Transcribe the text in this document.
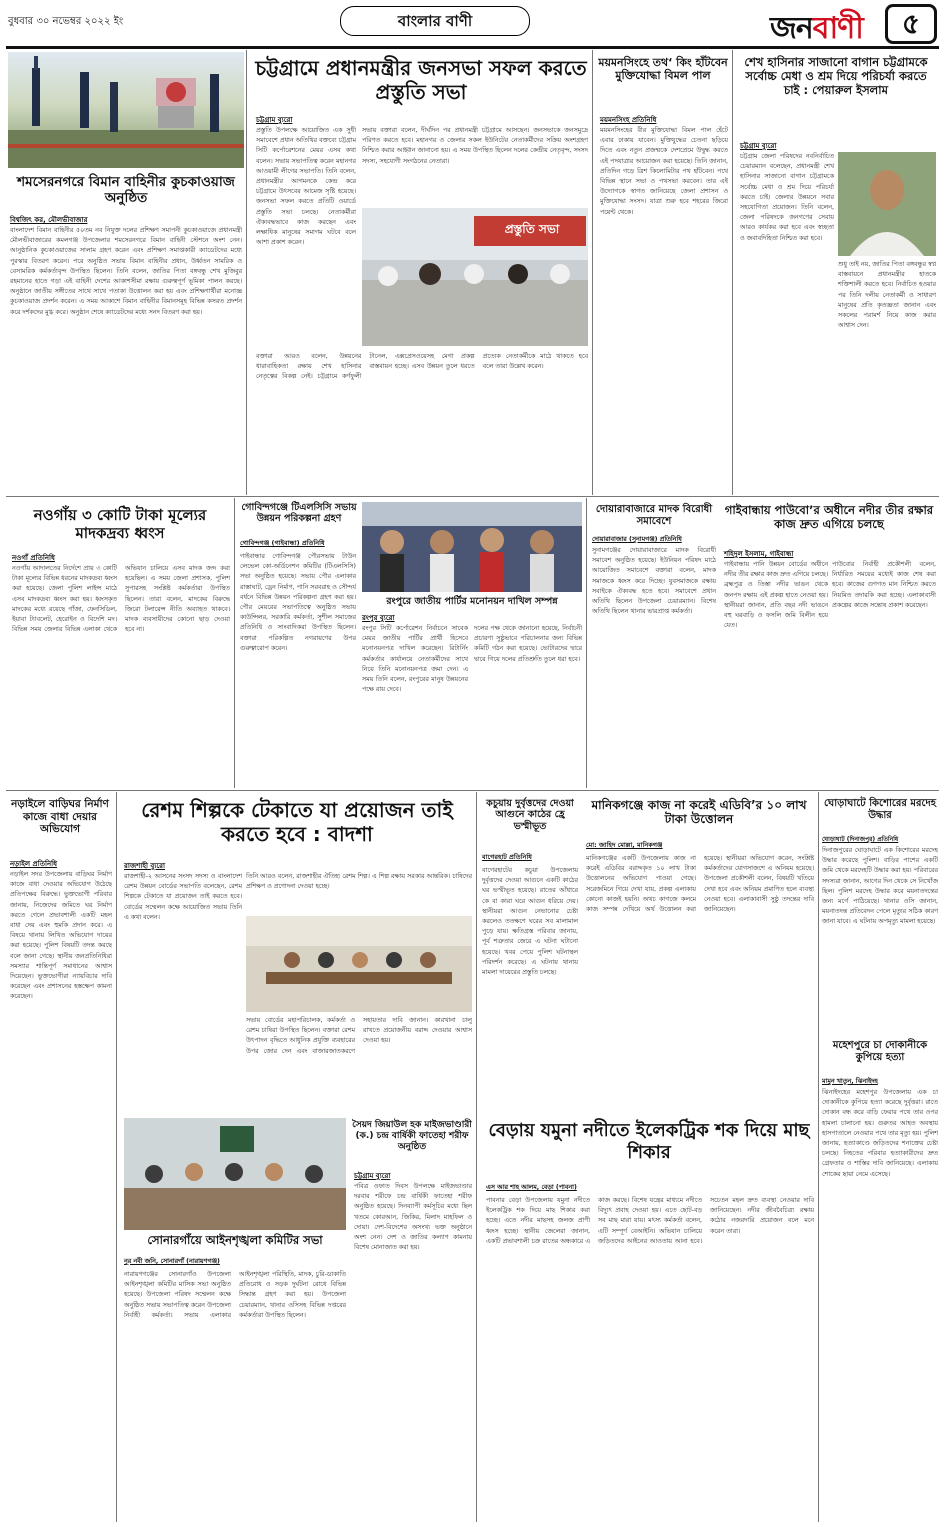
বুধবার ৩০ নভেম্বর ২০২২ ইং	বাংলার বাণী	জনবাণী	৫
শমসেরনগরে বিমান বাহিনীর কুচকাওয়াজ অনুষ্ঠিত
বিশ্বজিৎ কর, মৌলভীবাজার
বাংলাদেশ বিমান বাহিনীর ৫০তম নব নিযুক্ত দলের প্রশিক্ষণ সমাপনী কুচকাওয়াজে প্রধানমন্ত্রী মৌলভীবাজারের কমলগঞ্জ উপজেলার শমসেরনগরে বিমান বাহিনী স্টেশনে অংশ নেন। আনুষ্ঠানিক কুচকাওয়াজের সালাম গ্রহণ করেন এবং প্রশিক্ষণ সমাপ্তকারী ক্যাডেটদের মধ্যে পুরস্কার বিতরণ করেন। পরে অনুষ্ঠিত সভায় বিমান বাহিনীর প্রধান, উর্ধ্বতন সামরিক ও বেসামরিক কর্মকর্তাবৃন্দ উপস্থিত ছিলেন। তিনি বলেন, জাতির পিতা বঙ্গবন্ধু শেখ মুজিবুর রহমানের হাতে গড়া এই বাহিনী দেশের আকাশসীমা রক্ষায় গুরুত্বপূর্ণ ভূমিকা পালন করছে। অনুষ্ঠানে জাতীয় সঙ্গীতের সাথে সাথে পতাকা উত্তোলন করা হয় এবং প্রশিক্ষণার্থীরা মনোজ্ঞ কুচকাওয়াজ প্রদর্শন করেন। এ সময় আকাশে বিমান বাহিনীর বিমানসমূহ বিভিন্ন কসরত প্রদর্শন করে দর্শকদের মুগ্ধ করে। অনুষ্ঠান শেষে ক্যাডেটদের মধ্যে সনদ বিতরণ করা হয়।
চট্টগ্রামে প্রধানমন্ত্রীর জনসভা সফল করতে প্রস্তুতি সভা
চট্টগ্রাম ব্যুরো
প্রস্তুতি উপলক্ষে আয়োজিত এক সুধী সমাবেশে প্রধান অতিথির বক্তব্যে চট্টগ্রাম সিটি কর্পোরেশনের মেয়র এসব কথা বলেন। সভায় সভাপতিত্ব করেন মহানগর আওয়ামী লীগের সভাপতি। তিনি বলেন, প্রধানমন্ত্রীর আগমনকে কেন্দ্র করে চট্টগ্রামে উৎসবের আমেজ সৃষ্টি হয়েছে। জনসভা সফল করতে প্রতিটি ওয়ার্ডে প্রস্তুতি সভা চলছে। নেতাকর্মীরা ঐক্যবদ্ধভাবে কাজ করছেন এবং লক্ষাধিক মানুষের সমাগম ঘটবে বলে আশা প্রকাশ করেন।
সভায় বক্তারা বলেন, দীর্ঘদিন পর প্রধানমন্ত্রী চট্টগ্রামে আসছেন। জনসভাকে জনসমুদ্রে পরিণত করতে হবে। মহানগর ও জেলার সকল ইউনিটের নেতাকর্মীদের সক্রিয় অংশগ্রহণ নিশ্চিত করার আহ্বান জানানো হয়। এ সময় উপস্থিত ছিলেন দলের কেন্দ্রীয় নেতৃবৃন্দ, সংসদ সদস্য, সহযোগী সংগঠনের নেতারা।
প্রস্তুতি সভা
বক্তারা আরও বলেন, উন্নয়নের ধারাবাহিকতা রক্ষায় শেখ হাসিনার নেতৃত্বের বিকল্প নেই। চট্টগ্রামে কর্ণফুলী টানেল, এক্সপ্রেসওয়েসহ মেগা প্রকল্প বাস্তবায়ন হচ্ছে। এসব উন্নয়ন তুলে ধরতে প্রত্যেক নেতাকর্মীকে মাঠে থাকতে হবে বলে তারা উল্লেখ করেন।
ময়মনসিংহে তথ‘ কিং হাঁটবেন মুক্তিযোদ্ধা বিমল পাল
ময়মনসিংহ প্রতিনিধি
ময়মনসিংহের বীর মুক্তিযোদ্ধা বিমল পাল হেঁটে এবার ঢাকায় যাবেন। মুক্তিযুদ্ধের চেতনা ছড়িয়ে দিতে এবং নতুন প্রজন্মকে দেশপ্রেমে উদ্বুদ্ধ করতে এই পদযাত্রার আয়োজন করা হয়েছে। তিনি জানান, প্রতিদিন গড়ে ত্রিশ কিলোমিটার পথ হাঁটবেন। পথে বিভিন্ন স্থানে সভা ও পথসভা করবেন। তার এই উদ্যোগকে স্বাগত জানিয়েছে জেলা প্রশাসন ও মুক্তিযোদ্ধা সংসদ। যাত্রা শুরু হবে শহরের জিরো পয়েন্ট থেকে।
শেখ হাসিনার সাজানো বাগান চট্টগ্রামকে সর্বোচ্চ মেধা ও শ্রম দিয়ে পরিচর্যা করতে চাই : পেয়ারুল ইসলাম
চট্টগ্রাম ব্যুরো
চট্টগ্রাম জেলা পরিষদের নবনির্বাচিত চেয়ারম্যান বলেছেন, প্রধানমন্ত্রী শেখ হাসিনার সাজানো বাগান চট্টগ্রামকে সর্বোচ্চ মেধা ও শ্রম দিয়ে পরিচর্যা করতে চাই। জেলার উন্নয়নে সবার সহযোগিতা প্রয়োজন। তিনি বলেন, জেলা পরিষদকে জনগণের সেবায় আরও কার্যকর করা হবে এবং স্বচ্ছতা ও জবাবদিহিতা নিশ্চিত করা হবে।
শুধু তাই নয়, জাতির পিতা বঙ্গবন্ধুর স্বপ্ন বাস্তবায়নে প্রধানমন্ত্রীর হাতকে শক্তিশালী করতে হবে। নির্বাচিত হওয়ার পর তিনি দলীয় নেতাকর্মী ও সাধারণ মানুষের প্রতি কৃতজ্ঞতা জানান এবং সকলের পরামর্শ নিয়ে কাজ করার আশ্বাস দেন।
নওগাঁয় ৩ কোটি টাকা মূল্যের মাদকদ্রব্য ধ্বংস
নওগাঁ প্রতিনিধি
নওগাঁয় আদালতের নির্দেশে প্রায় ৩ কোটি টাকা মূল্যের বিভিন্ন ধরনের মাদকদ্রব্য ধ্বংস করা হয়েছে। জেলা পুলিশ লাইন্স মাঠে এসব মাদকদ্রব্য ধ্বংস করা হয়। ধ্বংসকৃত মাদকের মধ্যে রয়েছে গাঁজা, ফেনসিডিল, ইয়াবা ট্যাবলেট, হেরোইন ও বিদেশি মদ। বিভিন্ন সময় জেলার বিভিন্ন এলাকা থেকে অভিযান চালিয়ে এসব মাদক জব্দ করা হয়েছিল। এ সময় জেলা প্রশাসক, পুলিশ সুপারসহ সংশ্লিষ্ট কর্মকর্তারা উপস্থিত ছিলেন। তারা বলেন, মাদকের বিরুদ্ধে জিরো টলারেন্স নীতি অব্যাহত থাকবে। মাদক ব্যবসায়ীদের কোনো ছাড় দেওয়া হবে না।
গোবিন্দগঞ্জে টিএলসিসি সভায় উন্নয়ন পরিকল্পনা গ্রহণ
গোবিন্দগঞ্জ (গাইবান্ধা) প্রতিনিধি
গাইবান্ধার গোবিন্দগঞ্জ পৌরসভায় টাউন লেভেল কো-অর্ডিনেশন কমিটির (টিএলসিসি) সভা অনুষ্ঠিত হয়েছে। সভায় পৌর এলাকার রাস্তাঘাট, ড্রেন নির্মাণ, পানি সরবরাহ ও সৌন্দর্য বর্ধনে বিভিন্ন উন্নয়ন পরিকল্পনা গ্রহণ করা হয়। পৌর মেয়রের সভাপতিত্বে অনুষ্ঠিত সভায় কাউন্সিলর, সরকারি কর্মকর্তা, সুশীল সমাজের প্রতিনিধি ও সাংবাদিকরা উপস্থিত ছিলেন। বক্তারা পরিকল্পিত নগরায়ণের উপর গুরুত্বারোপ করেন।
রংপুরে জাতীয় পার্টির মনোনয়ন দাখিল সম্পন্ন
রংপুর ব্যুরো
রংপুর সিটি কর্পোরেশন নির্বাচনে সাবেক মেয়র জাতীয় পার্টির প্রার্থী হিসেবে মনোনয়নপত্র দাখিল করেছেন। রিটার্নিং কর্মকর্তার কার্যালয়ে নেতাকর্মীদের সাথে নিয়ে তিনি মনোনয়নপত্র জমা দেন। এ সময় তিনি বলেন, রংপুরের মানুষ উন্নয়নের পক্ষে রায় দেবে।
দলের পক্ষ থেকে জানানো হয়েছে, নির্বাচনী প্রচারণা সুষ্ঠুভাবে পরিচালনার জন্য বিভিন্ন কমিটি গঠন করা হয়েছে। ভোটারদের দ্বারে দ্বারে গিয়ে দলের প্রতিশ্রুতি তুলে ধরা হবে।
দোয়ারাবাজারে মাদক বিরোধী সমাবেশে
দোয়ারাবাজার (সুনামগঞ্জ) প্রতিনিধি
সুনামগঞ্জের দোয়ারাবাজারে মাদক বিরোধী সমাবেশ অনুষ্ঠিত হয়েছে। ইউনিয়ন পরিষদ মাঠে আয়োজিত সমাবেশে বক্তারা বলেন, মাদক সমাজকে ধ্বংস করে দিচ্ছে। যুবসমাজকে রক্ষায় সবাইকে ঐক্যবদ্ধ হতে হবে। সমাবেশে প্রধান অতিথি ছিলেন উপজেলা চেয়ারম্যান। বিশেষ অতিথি ছিলেন থানার ভারপ্রাপ্ত কর্মকর্তা।
গাইবান্ধায় পাউবো’র অধীনে নদীর তীর রক্ষার কাজ দ্রুত এগিয়ে চলছে
শহিদুল ইসলাম, গাইবান্ধা
গাইবান্ধায় পানি উন্নয়ন বোর্ডের অধীনে নদীর তীর রক্ষার কাজ দ্রুত এগিয়ে চলছে। ব্রহ্মপুত্র ও তিস্তা নদীর ভাঙন থেকে জনপদ রক্ষায় এই প্রকল্প হাতে নেওয়া হয়। স্থানীয়রা জানান, প্রতি বছর নদী ভাঙনে বহু ঘরবাড়ি ও ফসলি জমি বিলীন হয়ে যেত।
পাউবোর নির্বাহী প্রকৌশলী বলেন, নির্ধারিত সময়ের মধ্যেই কাজ শেষ করা হবে। কাজের গুণগত মান নিশ্চিত করতে নিয়মিত তদারকি করা হচ্ছে। এলাকাবাসী প্রকল্পের কাজে সন্তোষ প্রকাশ করেছেন।
নড়াইলে বাড়িঘর নির্মাণ কাজে বাধা দেয়ার অভিযোগ
নড়াইল প্রতিনিধি
নড়াইল সদর উপজেলায় বাড়িঘর নির্মাণ কাজে বাধা দেওয়ার অভিযোগ উঠেছে প্রতিপক্ষের বিরুদ্ধে। ভুক্তভোগী পরিবার জানায়, নিজেদের জমিতে ঘর নির্মাণ করতে গেলে প্রভাবশালী একটি মহল বাধা দেয় এবং হুমকি প্রদান করে। এ বিষয়ে থানায় লিখিত অভিযোগ দায়ের করা হয়েছে। পুলিশ বিষয়টি তদন্ত করছে বলে জানা গেছে। স্থানীয় জনপ্রতিনিধিরা সমস্যার শান্তিপূর্ণ সমাধানের আশ্বাস দিয়েছেন। ভুক্তভোগীরা ন্যায়বিচার দাবি করেছেন এবং প্রশাসনের হস্তক্ষেপ কামনা করেছেন।
রেশম শিল্পকে টেকাতে যা প্রয়োজন তাই করতে হবে : বাদশা
রাজশাহী ব্যুরো
রাজশাহী-২ আসনের সংসদ সদস্য ও বাংলাদেশ রেশম উন্নয়ন বোর্ডের সভাপতি বলেছেন, রেশম শিল্পকে টেকাতে যা প্রয়োজন তাই করতে হবে। বোর্ডের সম্মেলন কক্ষে আয়োজিত সভায় তিনি এ কথা বলেন।
তিনি আরও বলেন, রাজশাহীর ঐতিহ্য রেশম শিল্প। এ শিল্প রক্ষায় সরকার আন্তরিক। চাষিদের প্রশিক্ষণ ও প্রণোদনা দেওয়া হচ্ছে।
সভায় বোর্ডের মহাপরিচালক, কর্মকর্তা ও রেশম চাষিরা উপস্থিত ছিলেন। বক্তারা রেশম উৎপাদন বৃদ্ধিতে আধুনিক প্রযুক্তি ব্যবহারের উপর জোর দেন এবং বাজারজাতকরণে সহায়তার দাবি জানান। কারখানা চালু রাখতে প্রয়োজনীয় বরাদ্দ দেওয়ার আশ্বাস দেওয়া হয়।
কচুয়ায় দুর্বৃত্তদের দেওয়া আগুনে কাঠের হ্রে ভস্মীভূত
বাগেরহাট প্রতিনিধি
বাগেরহাটের কচুয়া উপজেলায় দুর্বৃত্তদের দেওয়া আগুনে একটি কাঠের ঘর ভস্মীভূত হয়েছে। রাতের আঁধারে কে বা কারা ঘরে আগুন ধরিয়ে দেয়। স্থানীয়রা আগুন নেভানোর চেষ্টা করলেও ততক্ষণে ঘরের সব মালামাল পুড়ে যায়। ক্ষতিগ্রস্ত পরিবার জানায়, পূর্ব শত্রুতার জেরে এ ঘটনা ঘটানো হয়েছে। খবর পেয়ে পুলিশ ঘটনাস্থল পরিদর্শন করেছে। এ ঘটনায় থানায় মামলা দায়েরের প্রস্তুতি চলছে।
মানিকগঞ্জে কাজ না করেই এডিবি’র ১০ লাখ টাকা উত্তোলন
মো: জাহিদ মোল্লা, মানিকগঞ্জ
মানিকগঞ্জের একটি উপজেলায় কাজ না করেই এডিবির বরাদ্দকৃত ১০ লাখ টাকা উত্তোলনের অভিযোগ পাওয়া গেছে। সরেজমিনে গিয়ে দেখা যায়, প্রকল্প এলাকায় কোনো কাজই হয়নি। অথচ কাগজে কলমে কাজ সম্পন্ন দেখিয়ে অর্থ উত্তোলন করা হয়েছে। স্থানীয়রা অভিযোগ করেন, সংশ্লিষ্ট কর্মকর্তাদের যোগসাজশে এ অনিয়ম হয়েছে। উপজেলা প্রকৌশলী বলেন, বিষয়টি খতিয়ে দেখা হবে এবং অনিয়ম প্রমাণিত হলে ব্যবস্থা নেওয়া হবে। এলাকাবাসী সুষ্ঠু তদন্তের দাবি জানিয়েছেন।
ঘোড়াঘাটে কিশোরের মরদেহ উদ্ধার
ঘোড়াঘাট (দিনাজপুর) প্রতিনিধি
দিনাজপুরের ঘোড়াঘাটে এক কিশোরের মরদেহ উদ্ধার করেছে পুলিশ। বাড়ির পাশের একটি জমি থেকে মরদেহটি উদ্ধার করা হয়। পরিবারের সদস্যরা জানান, আগের দিন থেকে সে নিখোঁজ ছিল। পুলিশ মরদেহ উদ্ধার করে ময়নাতদন্তের জন্য মর্গে পাঠিয়েছে। থানার ওসি জানান, ময়নাতদন্ত প্রতিবেদন পেলে মৃত্যুর সঠিক কারণ জানা যাবে। এ ঘটনায় অপমৃত্যু মামলা হয়েছে।
মহেশপুরে চা দোকানীকে কুপিয়ে হত্যা
মামুন খাতুন, ঝিনাইদহ
ঝিনাইদহের মহেশপুর উপজেলায় এক চা দোকানীকে কুপিয়ে হত্যা করেছে দুর্বৃত্তরা। রাতে দোকান বন্ধ করে বাড়ি ফেরার পথে তার ওপর হামলা চালানো হয়। গুরুতর আহত অবস্থায় হাসপাতালে নেওয়ার পথে তার মৃত্যু হয়। পুলিশ জানায়, হত্যাকাণ্ডে জড়িতদের শনাক্তের চেষ্টা চলছে। নিহতের পরিবার হত্যাকারীদের দ্রুত গ্রেফতার ও শাস্তির দাবি জানিয়েছে। এলাকায় শোকের ছায়া নেমে এসেছে।
সৈয়দ জিয়াউল হক মাইজভাণ্ডারী (ক.) চন্দ্র বার্ষিকী ফাতেহা শরীফ অনুষ্ঠিত
চট্টগ্রাম ব্যুরো
পবিত্র ওফাত দিবস উপলক্ষে মাইজভাণ্ডার দরবার শরীফে চন্দ্র বার্ষিকী ফাতেহা শরীফ অনুষ্ঠিত হয়েছে। দিনব্যাপী কর্মসূচির মধ্যে ছিল খতমে কোরআন, জিকির, মিলাদ মাহফিল ও দোয়া। দেশ-বিদেশের অসংখ্য ভক্ত অনুষ্ঠানে অংশ নেন। দেশ ও জাতির কল্যাণ কামনায় বিশেষ মোনাজাত করা হয়।
সোনারগাঁয়ে আইনশৃঙ্খলা কমিটির সভা
নূর নবী জনি, সোনারগাঁ (নারায়ণগঞ্জ)
নারায়ণগঞ্জের সোনারগাঁও উপজেলা আইনশৃঙ্খলা কমিটির মাসিক সভা অনুষ্ঠিত হয়েছে। উপজেলা পরিষদ সম্মেলন কক্ষে অনুষ্ঠিত সভায় সভাপতিত্ব করেন উপজেলা নির্বাহী কর্মকর্তা। সভায় এলাকার আইনশৃঙ্খলা পরিস্থিতি, মাদক, চুরি-ডাকাতি প্রতিরোধ ও সড়ক দুর্ঘটনা রোধে বিভিন্ন সিদ্ধান্ত গ্রহণ করা হয়। উপজেলা চেয়ারম্যান, থানার ওসিসহ বিভিন্ন দপ্তরের কর্মকর্তারা উপস্থিত ছিলেন।
বেড়ায় যমুনা নদীতে ইলেকট্রিক শক দিয়ে মাছ শিকার
এস আর শাহ আলম, বেড়া (পাবনা)
পাবনার বেড়া উপজেলায় যমুনা নদীতে ইলেকট্রিক শক দিয়ে মাছ শিকার করা হচ্ছে। এতে নদীর মাছসহ জলজ প্রাণী ধ্বংস হচ্ছে। স্থানীয় জেলেরা জানান, একটি প্রভাবশালী চক্র রাতের অন্ধকারে এ কাজ করছে। বিশেষ যন্ত্রের মাধ্যমে নদীতে বিদ্যুৎ প্রবাহ দেওয়া হয়। এতে ছোট-বড় সব মাছ মারা যায়। মৎস্য কর্মকর্তা বলেন, এটি সম্পূর্ণ বেআইনি। অভিযান চালিয়ে জড়িতদের আইনের আওতায় আনা হবে। সচেতন মহল দ্রুত ব্যবস্থা নেওয়ার দাবি জানিয়েছেন। নদীর জীববৈচিত্র্য রক্ষায় কঠোর নজরদারি প্রয়োজন বলে মনে করেন তারা।
